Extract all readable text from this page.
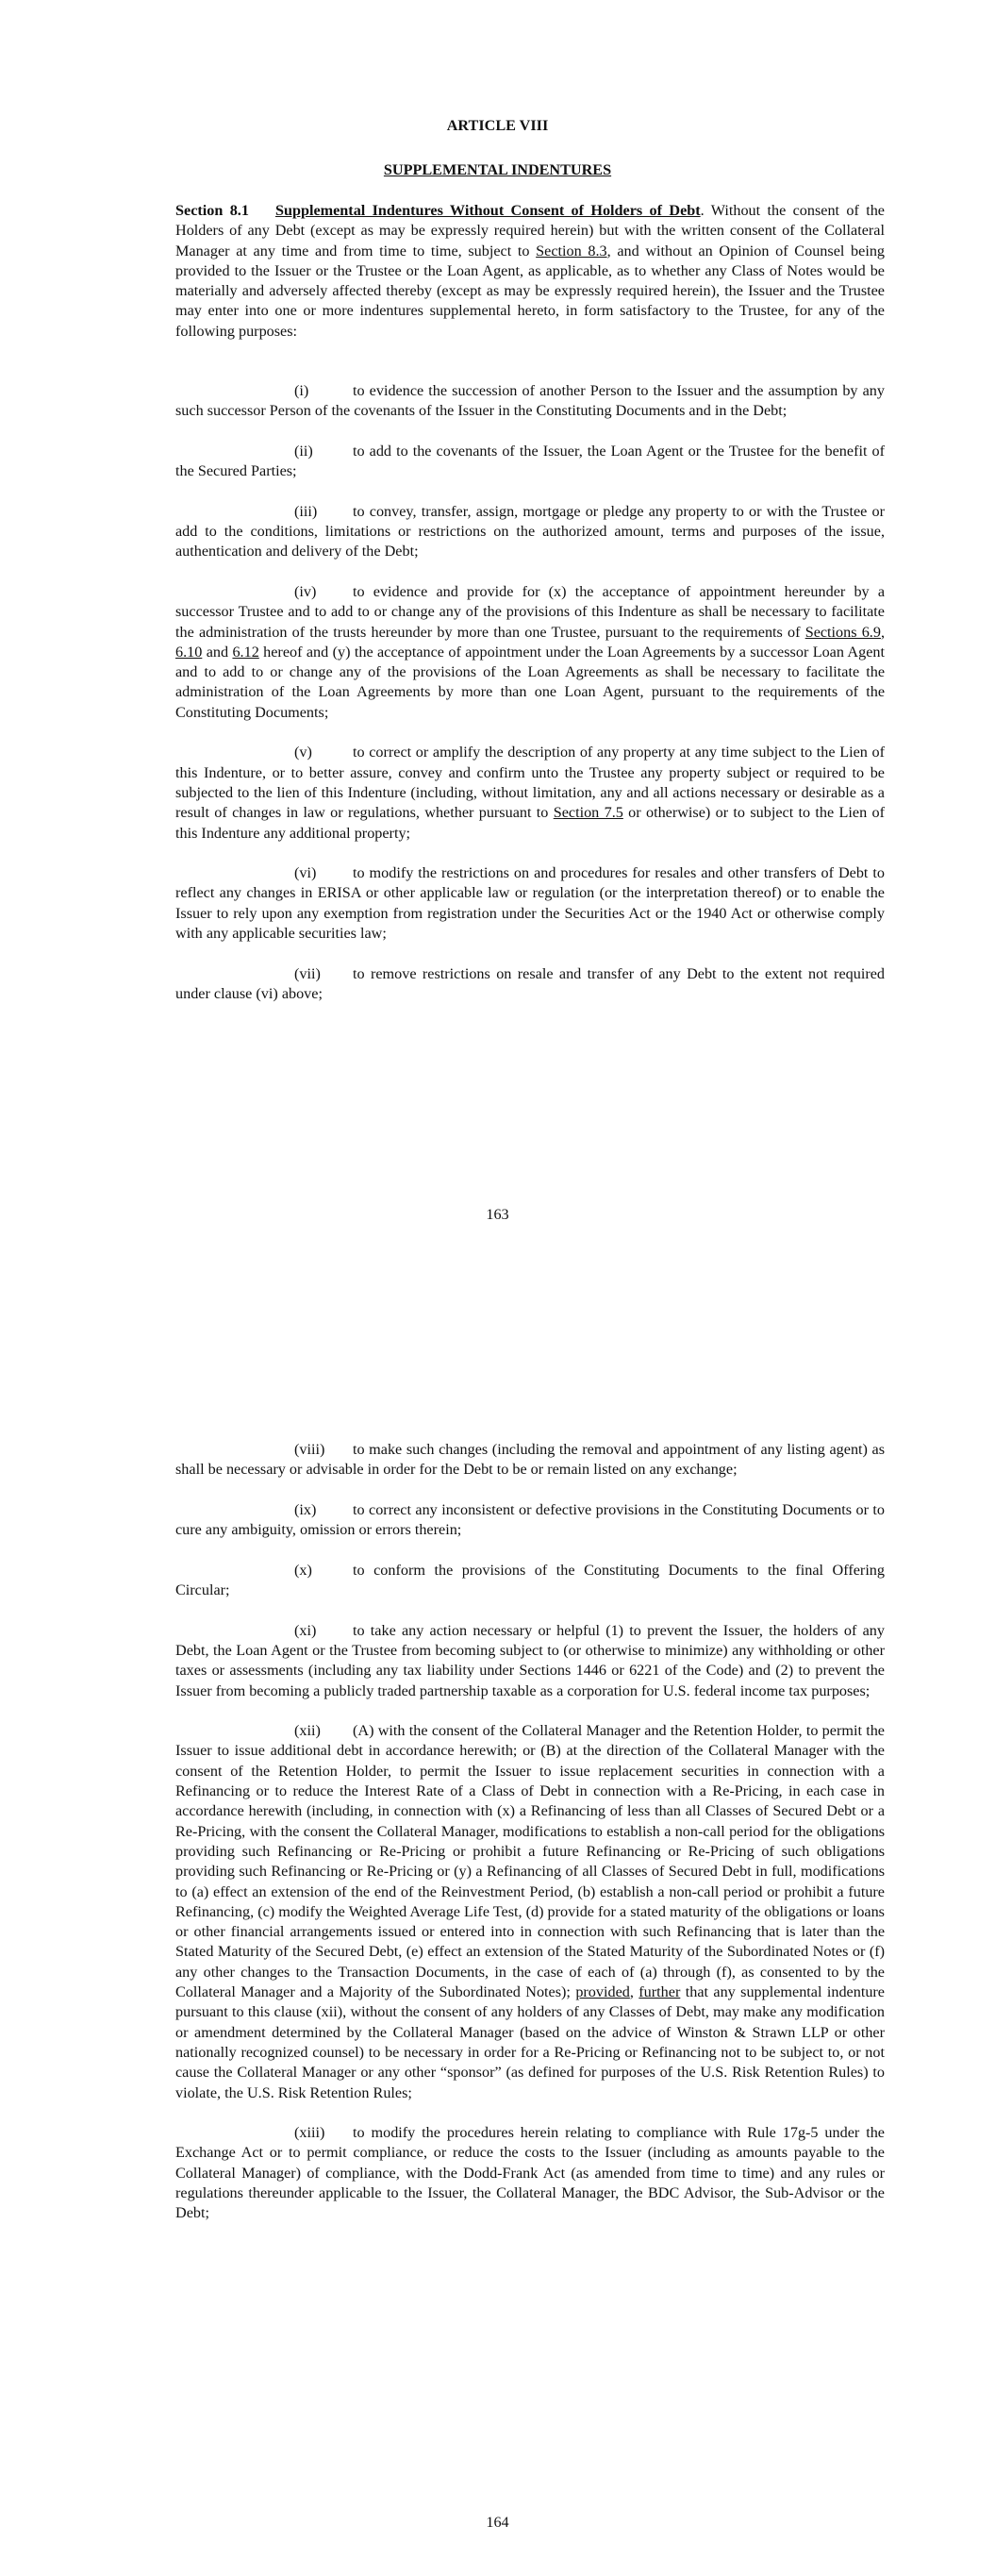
ARTICLE VIII
SUPPLEMENTAL INDENTURES

Section 8.1 Supplemental Indentures Without Consent of Holders of Debt. Without the consent of the Holders of any Debt (except as may be expressly required herein) but with the written consent of the Collateral Manager at any time and from time to time, subject to Section 8.3, and without an Opinion of Counsel being provided to the Issuer or the Trustee or the Loan Agent, as applicable, as to whether any Class of Notes would be materially and adversely affected thereby (except as may be expressly required herein), the Issuer and the Trustee may enter into one or more indentures supplemental hereto, in form satisfactory to the Trustee, for any of the following purposes:

(i)	to evidence the succession of another Person to the Issuer and the assumption by any such successor Person of the covenants of the Issuer in the Constituting Documents and in the Debt;

(ii)	to add to the covenants of the Issuer, the Loan Agent or the Trustee for the benefit of the Secured Parties;

(iii) to convey, transfer, assign, mortgage or pledge any property to or with the Trustee or add to the conditions, limitations or restrictions on the authorized amount, terms and purposes of the issue, authentication and delivery of the Debt;

(iv) to evidence and provide for (x) the acceptance of appointment hereunder by a successor Trustee and to add to or change any of the provisions of this Indenture as shall be necessary to facilitate the administration of the trusts hereunder by more than one Trustee, pursuant to the requirements of Sections 6.9, 6.10 and 6.12 hereof and (y) the acceptance of appointment under the Loan Agreements by a successor Loan Agent and to add to or change any of the provisions of the Loan Agreements as shall be necessary to facilitate the administration of the Loan Agreements by more than one Loan Agent, pursuant to the requirements of the Constituting Documents;

(v)	to correct or amplify the description of any property at any time subject to the Lien of this Indenture, or to better assure, convey and confirm unto the Trustee any property subject or required to be subjected to the lien of this Indenture (including, without limitation, any and all actions necessary or desirable as a result of changes in law or regulations, whether pursuant to Section 7.5 or otherwise) or to subject to the Lien of this Indenture any additional property;

(vi) to modify the restrictions on and procedures for resales and other transfers of Debt to reflect any changes in ERISA or other applicable law or regulation (or the interpretation thereof) or to enable the Issuer to rely upon any exemption from registration under the Securities Act or the 1940 Act or otherwise comply with any applicable securities law;

(vii) to remove restrictions on resale and transfer of any Debt to the extent not required under clause (vi) above;

163

(viii) to make such changes (including the removal and appointment of any listing agent) as shall be necessary or advisable in order for the Debt to be or remain listed on any exchange;

(ix) to correct any inconsistent or defective provisions in the Constituting Documents or to cure any ambiguity, omission or errors therein;

(x)	to conform the provisions of the Constituting Documents to the final Offering Circular;

(xi) to take any action necessary or helpful (1) to prevent the Issuer, the holders of any Debt, the Loan Agent or the Trustee from becoming subject to (or otherwise to minimize) any withholding or other taxes or assessments (including any tax liability under Sections 1446 or 6221 of the Code) and (2) to prevent the Issuer from becoming a publicly traded partnership taxable as a corporation for U.S. federal income tax purposes;

(xii) (A) with the consent of the Collateral Manager and the Retention Holder, to permit the Issuer to issue additional debt in accordance herewith; or (B) at the direction of the Collateral Manager with the consent of the Retention Holder, to permit the Issuer to issue replacement securities in connection with a Refinancing or to reduce the Interest Rate of a Class of Debt in connection with a Re-Pricing, in each case in accordance herewith (including, in connection with (x) a Refinancing of less than all Classes of Secured Debt or a Re-Pricing, with the consent the Collateral Manager, modifications to establish a non-call period for the obligations providing such Refinancing or Re-Pricing or prohibit a future Refinancing or Re-Pricing of such obligations providing such Refinancing or Re-Pricing or (y) a Refinancing of all Classes of Secured Debt in full, modifications to (a) effect an extension of the end of the Reinvestment Period, (b) establish a non-call period or prohibit a future Refinancing, (c) modify the Weighted Average Life Test, (d) provide for a stated maturity of the obligations or loans or other financial arrangements issued or entered into in connection with such Refinancing that is later than the Stated Maturity of the Secured Debt, (e) effect an extension of the Stated Maturity of the Subordinated Notes or (f) any other changes to the Transaction Documents, in the case of each of (a) through (f), as consented to by the Collateral Manager and a Majority of the Subordinated Notes); provided, further that any supplemental indenture pursuant to this clause (xii), without the consent of any holders of any Classes of Debt, may make any modification or amendment determined by the Collateral Manager (based on the advice of Winston & Strawn LLP or other nationally recognized counsel) to be necessary in order for a Re-Pricing or Refinancing not to be subject to, or not cause the Collateral Manager or any other “sponsor” (as defined for purposes of the U.S. Risk Retention Rules) to violate, the U.S. Risk Retention Rules;

(xiii) to modify the procedures herein relating to compliance with Rule 17g-5 under the Exchange Act or to permit compliance, or reduce the costs to the Issuer (including as amounts payable to the Collateral Manager) of compliance, with the Dodd-Frank Act (as amended from time to time) and any rules or regulations thereunder applicable to the Issuer, the Collateral Manager, the BDC Advisor, the Sub-Advisor or the Debt;

164
